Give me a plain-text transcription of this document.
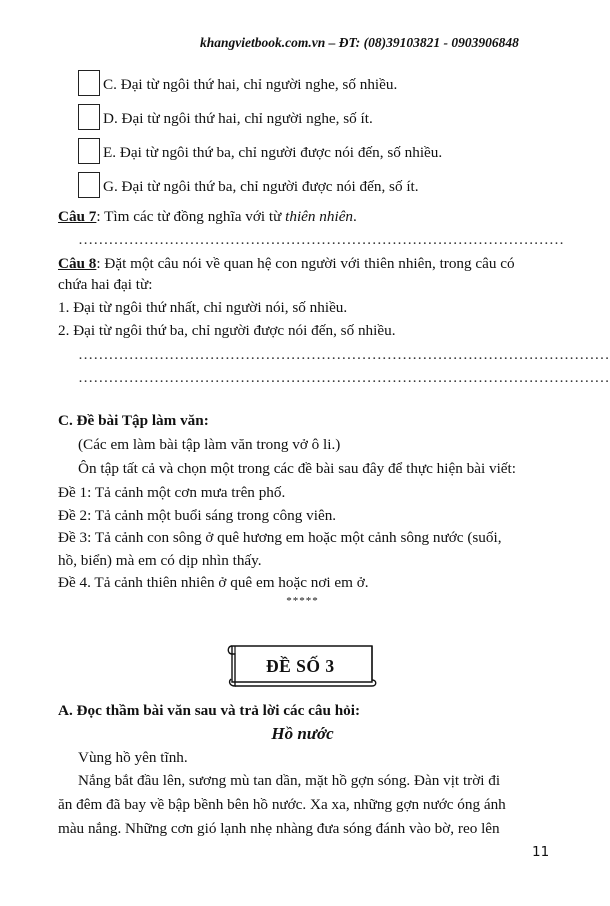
khangvietbook.com.vn – ĐT: (08)39103821 - 0903906848
C. Đại từ ngôi thứ hai, chỉ người nghe, số nhiều.
D. Đại từ ngôi thứ hai, chỉ người nghe, số ít.
E. Đại từ ngôi thứ ba, chỉ người được nói đến, số nhiều.
G. Đại từ ngôi thứ ba, chỉ người được nói đến, số ít.
Câu 7: Tìm các từ đồng nghĩa với từ thiên nhiên.
……………………………………………………………………………………
Câu 8: Đặt một câu nói về quan hệ con người với thiên nhiên, trong câu có
chứa hai đại từ:
1. Đại từ ngôi thứ nhất, chỉ người nói, số nhiều.
2. Đại từ ngôi thứ ba, chỉ người được nói đến, số nhiều.
……………………………………………………………………………………………
……………………………………………………………………………………………
C. Đề bài Tập làm văn:
(Các em làm bài tập làm văn trong vở ô li.)
Ôn tập tất cả và chọn một trong các đề bài sau đây để thực hiện bài viết:
Đề 1: Tả cảnh một cơn mưa trên phố.
Đề 2: Tả cảnh một buổi sáng trong công viên.
Đề 3: Tả cảnh con sông ở quê hương em hoặc một cảnh sông nước (suối,
hồ, biển) mà em có dịp nhìn thấy.
Đề 4. Tả cảnh thiên nhiên ở quê em hoặc nơi em ở.
*****
ĐỀ SỐ 3
A. Đọc thầm bài văn sau và trả lời các câu hỏi:
Hồ nước
Vùng hồ yên tĩnh.
Nắng bắt đầu lên, sương mù tan dần, mặt hồ gợn sóng. Đàn vịt trời đi
ăn đêm đã bay về bập bềnh bên hồ nước. Xa xa, những gợn nước óng ánh
màu nắng. Những cơn gió lạnh nhẹ nhàng đưa sóng đánh vào bờ, reo lên
11
